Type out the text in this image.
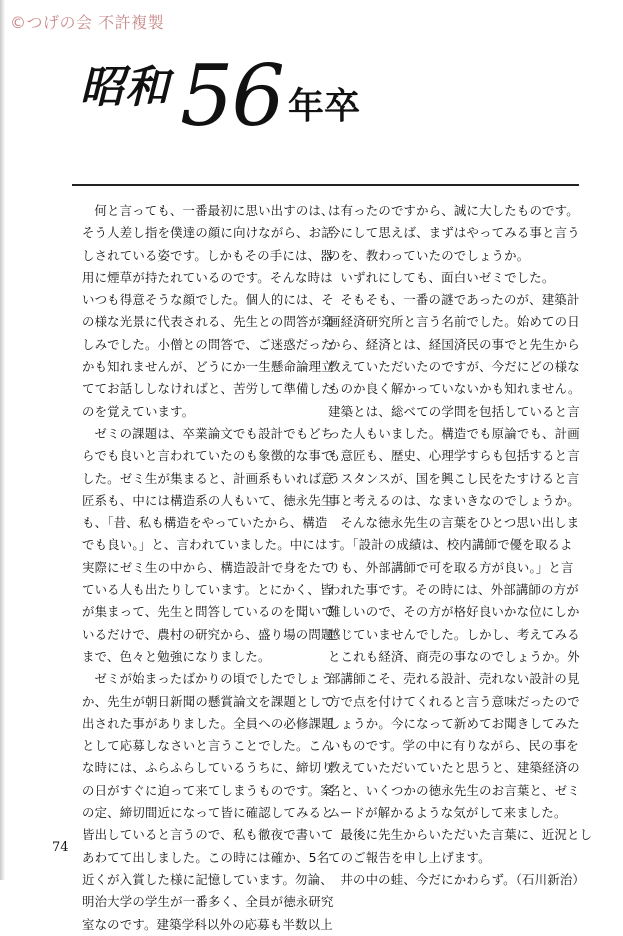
©つげの会 不許複製
昭和 56 年卒
何と言っても、一番最初に思い出すのは、
そう人差し指を僕達の顔に向けながら、お話
しされている姿です。しかもその手には、器
用に煙草が持たれているのです。そんな時は
いつも得意そうな顔でした。個人的には、そ
の様な光景に代表される、先生との問答が楽
しみでした。小僧との問答で、ご迷惑だった
かも知れませんが、どうにか一生懸命論理立
ててお話ししなければと、苦労して準備した
のを覚えています。
ゼミの課題は、卒業論文でも設計でもどち
らでも良いと言われていたのも象徴的な事で
した。ゼミ生が集まると、計画系もいれば意
匠系も、中には構造系の人もいて、徳永先生
も、「昔、私も構造をやっていたから、構造
でも良い。」と、言われていました。中には
実際にゼミ生の中から、構造設計で身をたて
ている人も出たりしています。とにかく、皆
が集まって、先生と問答しているのを聞いて
いるだけで、農村の研究から、盛り場の問題
まで、色々と勉強になりました。
ゼミが始まったばかりの頃でしたでしょう
か、先生が朝日新聞の懸賞論文を課題として
出された事がありました。全員への必修課題
として応募しなさいと言うことでした。こん
な時には、ふらふらしているうちに、締切り
の日がすぐに迫って来てしまうものです。案
の定、締切間近になって皆に確認してみると
皆出していると言うので、私も徹夜で書いて
あわてて出しました。この時には確か、5名
近くが入賞した様に記憶しています。勿論、
明治大学の学生が一番多く、全員が徳永研究
室なのです。建築学科以外の応募も半数以上
は有ったのですから、誠に大したものです。
今にして思えば、まずはやってみる事と言う
のを、教わっていたのでしょうか。
いずれにしても、面白いゼミでした。
そもそも、一番の謎であったのが、建築計
画経済研究所と言う名前でした。始めての日
から、経済とは、経国済民の事でと先生から
教えていただいたのですが、今だにどの様な
ものか良く解かっていないかも知れません。
建築とは、総べての学問を包括していると言
った人もいました。構造でも原論でも、計画
も意匠も、歴史、心理学すらも包括すると言
うスタンスが、国を興こし民をたすけると言
事と考えるのは、なまいきなのでしょうか。
そんな徳永先生の言葉をひとつ思い出しま
す。「設計の成績は、校内講師で優を取るよ
りも、外部講師で可を取る方が良い。」と言
われた事です。その時には、外部講師の方が
難しいので、その方が格好良いかな位にしか
感じていませんでした。しかし、考えてみる
とこれも経済、商売の事なのでしょうか。外
部講師こそ、売れる設計、売れない設計の見
方で点を付けてくれると言う意味だったので
しょうか。今になって新めてお聞きしてみた
いものです。学の中に有りながら、民の事を
教えていただいていたと思うと、建築経済の
名と、いくつかの徳永先生のお言葉と、ゼミ
ムードが解かるような気がして来ました。
最後に先生からいただいた言葉に、近況とし
てのご報告を申し上げます。
井の中の蛙、今だにかわらず。（石川新治）
74
